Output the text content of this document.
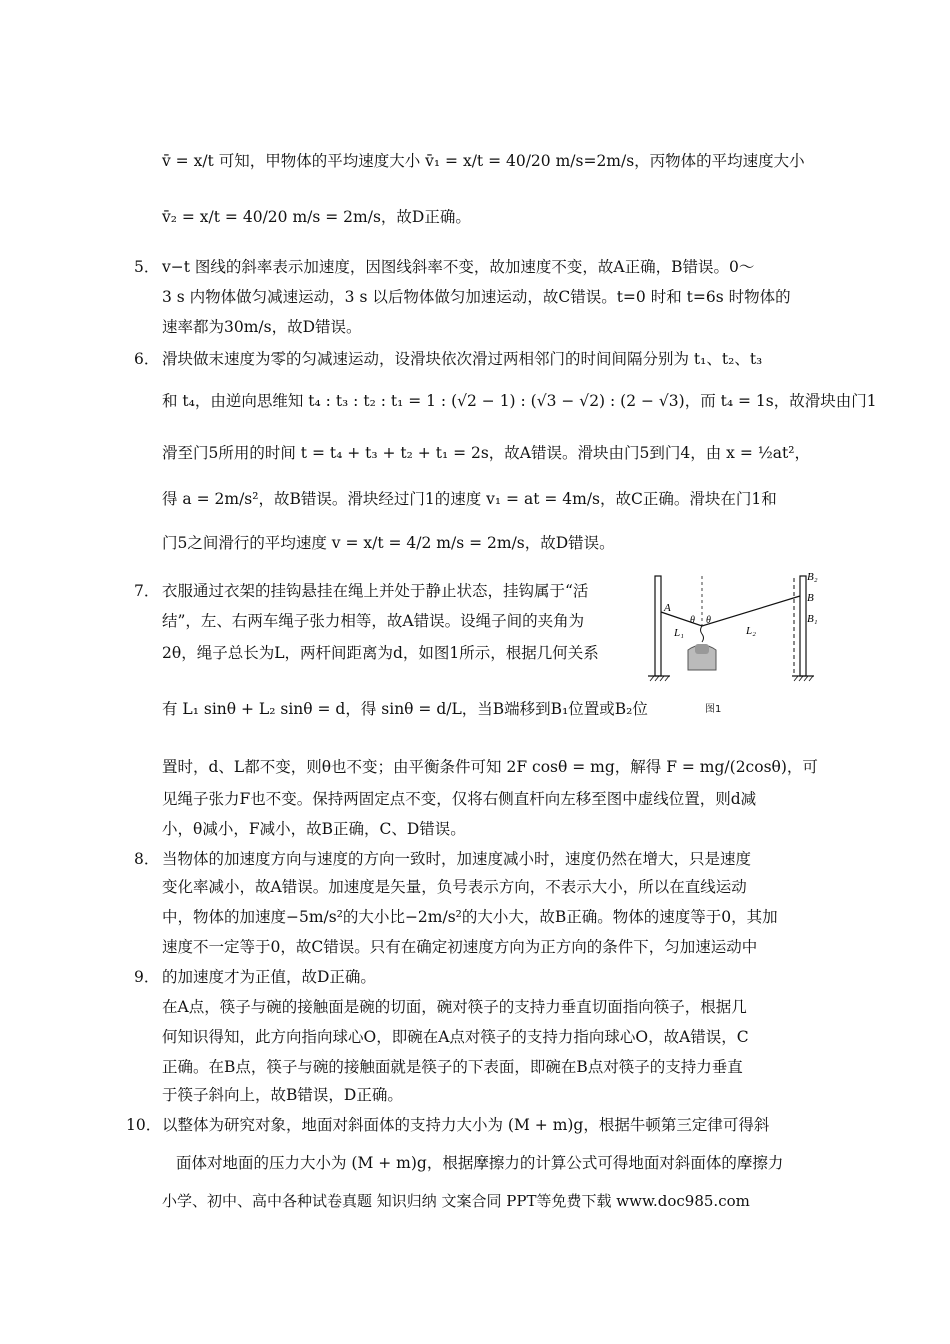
5．
6．
7．
8．
9．
10．
v̄ = x/t 可知，甲物体的平均速度大小 v̄₁ = x/t = 40/20 m/s=2m/s，丙物体的平均速度大小
v̄₂ = x/t = 40/20 m/s = 2m/s，故D正确。
v−t 图线的斜率表示加速度，因图线斜率不变，故加速度不变，故A正确，B错误。0～
3 s 内物体做匀减速运动，3 s 以后物体做匀加速运动，故C错误。t=0 时和 t=6s 时物体的
速率都为30m/s，故D错误。
滑块做末速度为零的匀减速运动，设滑块依次滑过两相邻门的时间间隔分别为 t₁、t₂、t₃
和 t₄，由逆向思维知 t₄ : t₃ : t₂ : t₁ = 1 : (√2 − 1) : (√3 − √2) : (2 − √3)，而 t₄ = 1s，故滑块由门1
滑至门5所用的时间 t = t₄ + t₃ + t₂ + t₁ = 2s，故A错误。滑块由门5到门4，由 x = ½at²，
得 a = 2m/s²，故B错误。滑块经过门1的速度 v₁ = at = 4m/s，故C正确。滑块在门1和
门5之间滑行的平均速度 v = x/t = 4/2 m/s = 2m/s，故D错误。
衣服通过衣架的挂钩悬挂在绳上并处于静止状态，挂钩属于“活
结”，左、右两车绳子张力相等，故A错误。设绳子间的夹角为
2θ，绳子总长为L，两杆间距离为d，如图1所示，根据几何关系
有 L₁ sinθ + L₂ sinθ = d，得 sinθ = d/L，当B端移到B₁位置或B₂位
置时，d、L都不变，则θ也不变；由平衡条件可知 2F cosθ = mg，解得 F = mg/(2cosθ)，可
见绳子张力F也不变。保持两固定点不变，仅将右侧直杆向左移至图中虚线位置，则d减
小，θ减小，F减小，故B正确，C、D错误。
当物体的加速度方向与速度的方向一致时，加速度减小时，速度仍然在增大，只是速度
变化率减小，故A错误。加速度是矢量，负号表示方向，不表示大小，所以在直线运动
中，物体的加速度−5m/s²的大小比−2m/s²的大小大，故B正确。物体的速度等于0，其加
速度不一定等于0，故C错误。只有在确定初速度方向为正方向的条件下，匀加速运动中
的加速度才为正值，故D正确。
在A点，筷子与碗的接触面是碗的切面，碗对筷子的支持力垂直切面指向筷子，根据几
何知识得知，此方向指向球心O，即碗在A点对筷子的支持力指向球心O，故A错误，C
正确。在B点，筷子与碗的接触面就是筷子的下表面，即碗在B点对筷子的支持力垂直
于筷子斜向上，故B错误，D正确。
以整体为研究对象，地面对斜面体的支持力大小为 (M + m)g，根据牛顿第三定律可得斜
面体对地面的压力大小为 (M + m)g，根据摩擦力的计算公式可得地面对斜面体的摩擦力
B₂
B
B₁
A
θ θ
L₁	L₂
图1
小学、初中、高中各种试卷真题 知识归纳 文案合同 PPT等免费下载 www.doc985.com
